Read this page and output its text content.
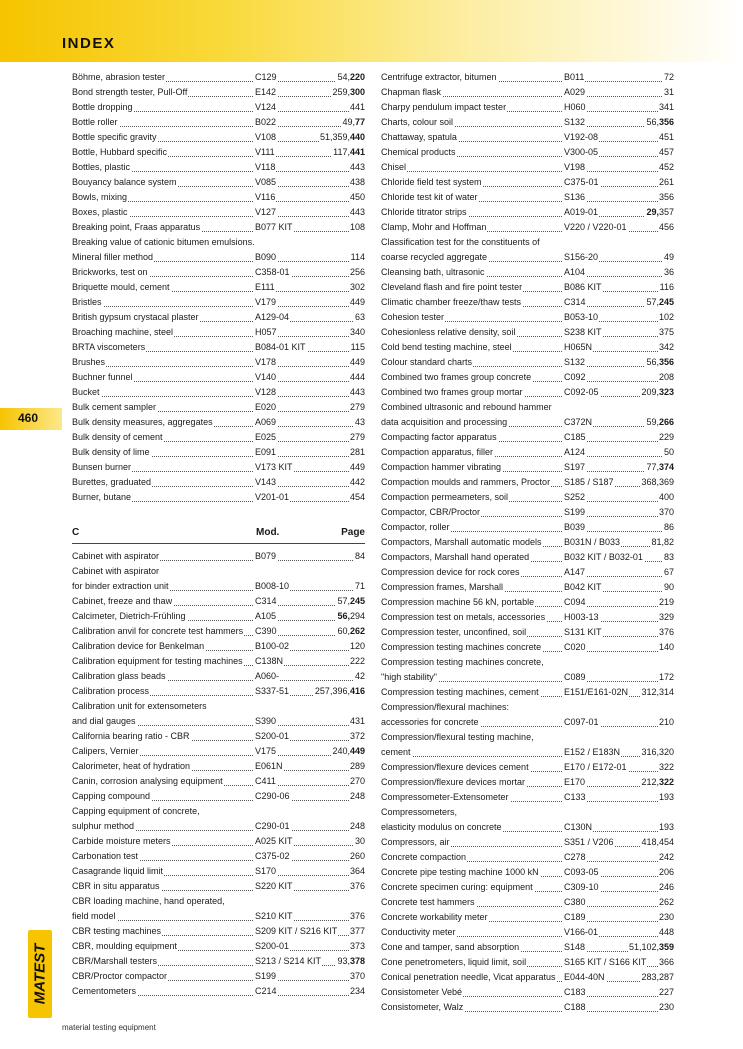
INDEX
460
Böhme, abrasion tester	C129	54,220
Bond strength tester, Pull-Off	E142	259,300
Bottle dropping	V124	441
Bottle roller	B022	49,77
Bottle specific gravity	V108	51,359,440
Bottle, Hubbard specific	V111	117,441
Bottles, plastic	V118	443
Bouyancy balance system	V085	438
Bowls, mixing	V116	450
Boxes, plastic	V127	443
Breaking point, Fraas apparatus	B077 KIT	108
Breaking value of cationic bitumen emulsions.
Mineral filler method	B090	114
Brickworks, test on	C358-01	256
Briquette mould, cement	E111	302
Bristles	V179	449
British gypsum crystacal plaster	A129-04	63
Broaching machine, steel	H057	340
BRTA viscometers	B084-01 KIT	115
Brushes	V178	449
Buchner funnel	V140	444
Bucket	V128	443
Bulk cement sampler	E020	279
Bulk density measures, aggregates	A069	43
Bulk density of cement	E025	279
Bulk density of lime	E091	281
Bunsen burner	V173 KIT	449
Burettes, graduated	V143	442
Burner, butane	V201-01	454
C	Mod.	Page
Cabinet with aspirator	B079	84
Cabinet with aspirator
for binder extraction unit	B008-10	71
Cabinet, freeze and thaw	C314	57,245
Calcimeter, Dietrich-Frühling	A105	56,294
Calibration anvil for concrete test hammers C390	60,262
Calibration device for Benkelman	B100-02	120
Calibration equipment for testing machines C138N	222
Calibration glass beads	A060-	42
Calibration process	S337-51	257,396,416
Calibration unit for extensometers
and dial gauges	S390	431
California bearing ratio - CBR	S200-01	372
Calipers, Vernier	V175	240,449
Calorimeter, heat of hydration	E061N	289
Canin, corrosion analysing equipment	C411	270
Capping compound	C290-06	248
Capping equipment of concrete,
sulphur method	C290-01	248
Carbide moisture meters	A025 KIT	30
Carbonation test	C375-02	260
Casagrande liquid limit	S170	364
CBR in situ apparatus	S220 KIT	376
CBR loading machine, hand operated,
field model	S210 KIT	376
CBR testing machines	S209 KIT / S216 KIT 377
CBR, moulding equipment	S200-01	373
CBR/Marshall testers	S213 / S214 KIT 93,378
CBR/Proctor compactor	S199	370
Cementometers	C214	234
Centrifuge extractor, bitumen	B011	72
Chapman flask	A029	31
Charpy pendulum impact tester	H060	341
Charts, colour soil	S132	56,356
Chattaway, spatula	V192-08	451
Chemical products	V300-05	457
Chisel	V198	452
Chloride field test system	C375-01	261
Chloride test kit of water	S136	356
Chloride titrator strips	A019-01	29,357
Clamp, Mohr and Hoffman	V220 / V220-01	456
Classification test for the constituents of
coarse recycled aggregate	S156-20	49
Cleansing bath, ultrasonic	A104	36
Cleveland flash and fire point tester	B086 KIT	116
Climatic chamber freeze/thaw tests	C314	57,245
Cohesion tester	B053-10	102
Cohesionless relative density, soil	S238 KIT	375
Cold bend testing machine, steel	H065N	342
Colour standard charts	S132	56,356
Combined two frames group concrete	C092	208
Combined two frames group mortar	C092-05	209,323
Combined ultrasonic and rebound hammer
data acquisition and processing	C372N	59,266
Compacting factor apparatus	C185	229
Compaction apparatus, filler	A124	50
Compaction hammer vibrating	S197	77,374
Compaction moulds and rammers, Proctor S185 / S187	368,369
Compaction permeameters, soil	S252	400
Compactor, CBR/Proctor	S199	370
Compactor, roller	B039	86
Compactors, Marshall automatic models B031N / B033	81,82
Compactors, Marshall hand operated	B032 KIT / B032-01 83
Compression device for rock cores	A147	67
Compression frames, Marshall	B042 KIT	90
Compression machine 56 kN, portable	C094	219
Compression test on metals, accessories H003-13	329
Compression tester, unconfined, soil	S131 KIT	376
Compression testing machines concrete	C020	140
Compression testing machines concrete,
"high stability"	C089	172
Compression testing machines, cement	E151/E161-02N 312,314
Compression/flexural machines:
accessories for concrete	C097-01	210
Compression/flexural testing machine,
cement	E152 / E183N 316,320
Compression/flexure devices cement	E170 / E172-01	322
Compression/flexure devices mortar	E170	212,322
Compressometer-Extensometer	C133	193
Compressometers,
elasticity modulus on concrete	C130N	193
Compressors, air	S351 / V206	418,454
Concrete compaction	C278	242
Concrete pipe testing machine 1000 kN	C093-05	206
Concrete specimen curing: equipment	C309-10	246
Concrete test hammers	C380	262
Concrete workability meter	C189	230
Conductivity meter	V166-01	448
Cone and tamper, sand absorption	S148	51,102,359
Cone penetrometers, liquid limit, soil	S165 KIT / S166 KIT 366
Conical penetration needle, Vicat apparatus E044-40N	283,287
Consistometer Vebé	C183	227
Consistometer, Walz	C188	230
MATEST
material testing equipment
